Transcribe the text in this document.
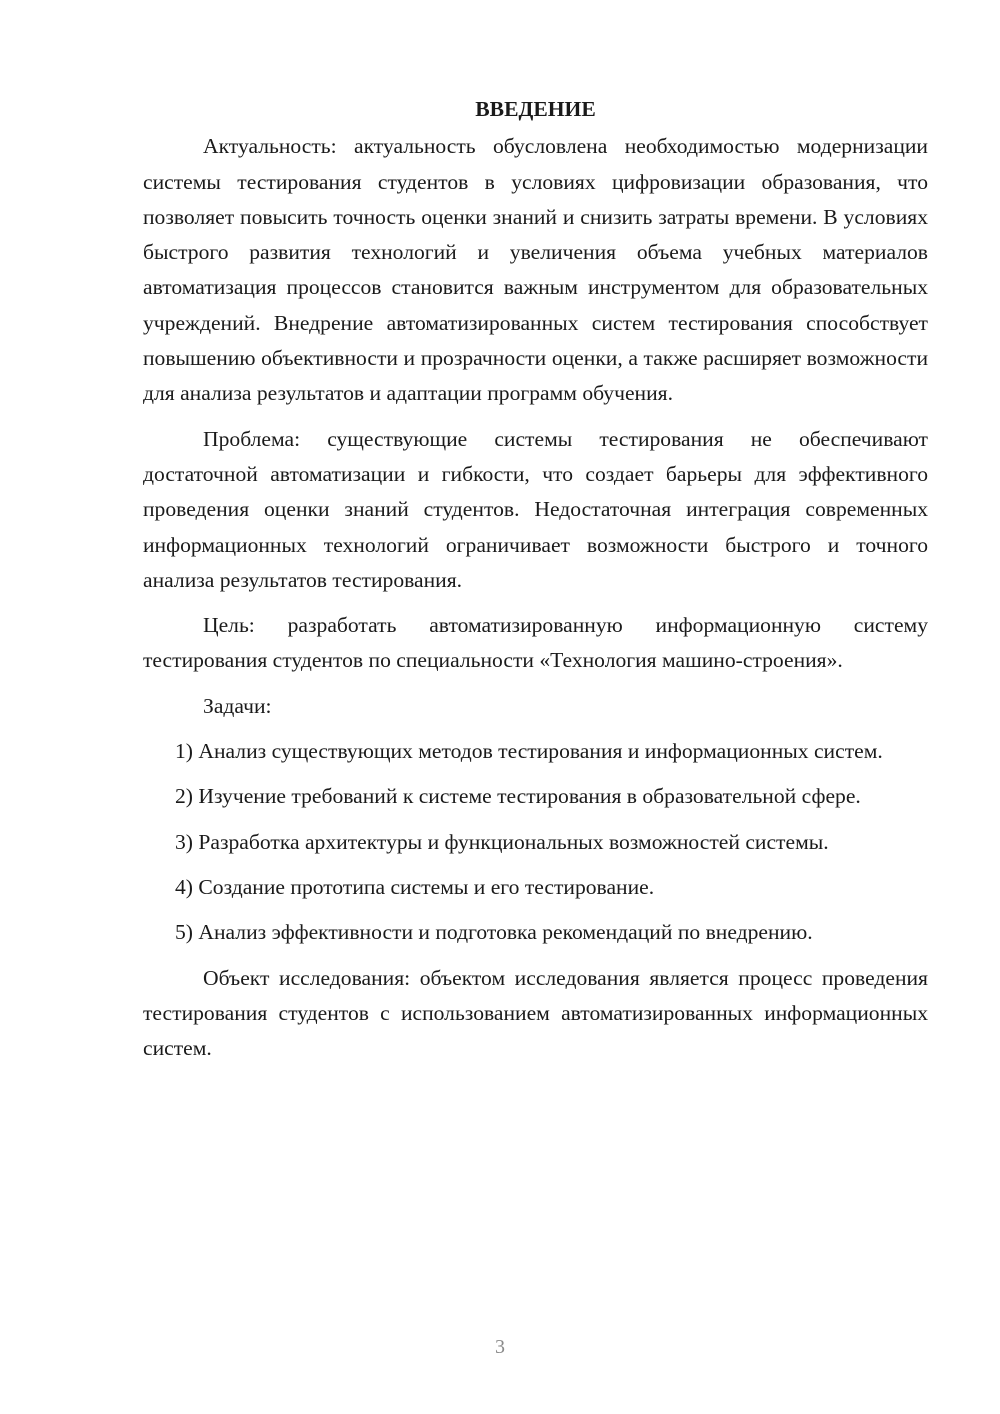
ВВЕДЕНИЕ

Актуальность: актуальность обусловлена необходимостью модернизации системы тестирования студентов в условиях цифровизации образования, что позволяет повысить точность оценки знаний и снизить затраты времени. В условиях быстрого развития технологий и увеличения объема учебных материалов автоматизация процессов становится важным инструментом для образовательных учреждений. Внедрение автоматизированных систем тестирования способствует повышению объективности и прозрачности оценки, а также расширяет возможности для анализа результатов и адаптации программ обучения.

Проблема: существующие системы тестирования не обеспечивают достаточной автоматизации и гибкости, что создает барьеры для эффективного проведения оценки знаний студентов. Недостаточная интеграция современных информационных технологий ограничивает возможности быстрого и точного анализа результатов тестирования.

Цель: разработать автоматизированную информационную систему тестирования студентов по специальности «Технология машино-строения».

Задачи:

1) Анализ существующих методов тестирования и информационных систем.

2) Изучение требований к системе тестирования в образовательной сфере.

3) Разработка архитектуры и функциональных возможностей системы.

4) Создание прототипа системы и его тестирование.

5) Анализ эффективности и подготовка рекомендаций по внедрению.

Объект исследования: объектом исследования является процесс проведения тестирования студентов с использованием автоматизированных информационных систем.

3
